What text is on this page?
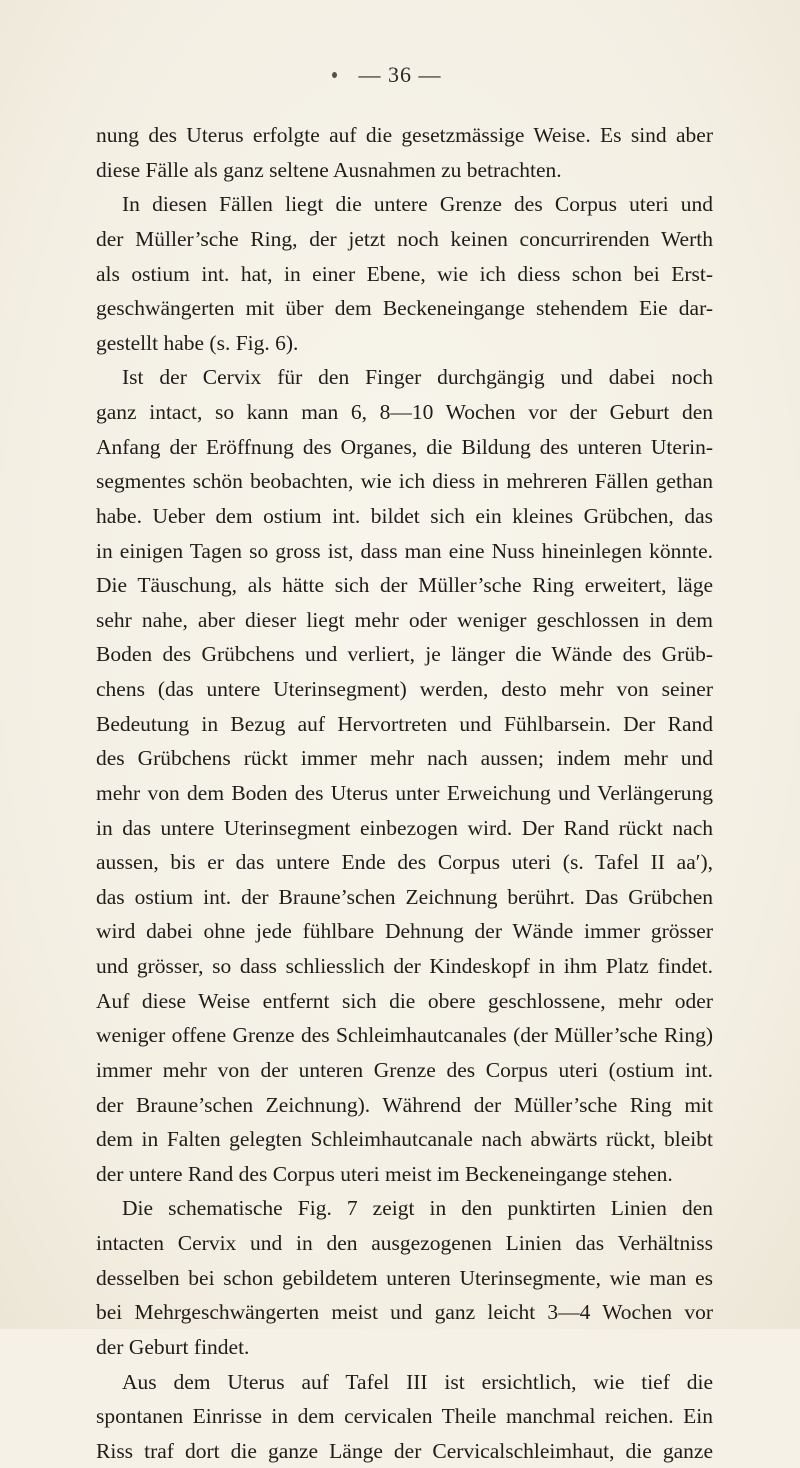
— 36 —
nung des Uterus erfolgte auf die gesetzmässige Weise. Es sind aber
diese Fälle als ganz seltene Ausnahmen zu betrachten.
In diesen Fällen liegt die untere Grenze des Corpus uteri und
der Müller’sche Ring, der jetzt noch keinen concurrirenden Werth
als ostium int. hat, in einer Ebene, wie ich diess schon bei Erst-
geschwängerten mit über dem Beckeneingange stehendem Eie dar-
gestellt habe (s. Fig. 6).
Ist der Cervix für den Finger durchgängig und dabei noch
ganz intact, so kann man 6, 8—10 Wochen vor der Geburt den
Anfang der Eröffnung des Organes, die Bildung des unteren Uterin-
segmentes schön beobachten, wie ich diess in mehreren Fällen gethan
habe. Ueber dem ostium int. bildet sich ein kleines Grübchen, das
in einigen Tagen so gross ist, dass man eine Nuss hineinlegen könnte.
Die Täuschung, als hätte sich der Müller’sche Ring erweitert, läge
sehr nahe, aber dieser liegt mehr oder weniger geschlossen in dem
Boden des Grübchens und verliert, je länger die Wände des Grüb-
chens (das untere Uterinsegment) werden, desto mehr von seiner
Bedeutung in Bezug auf Hervortreten und Fühlbarsein. Der Rand
des Grübchens rückt immer mehr nach aussen; indem mehr und
mehr von dem Boden des Uterus unter Erweichung und Verlängerung
in das untere Uterinsegment einbezogen wird. Der Rand rückt nach
aussen, bis er das untere Ende des Corpus uteri (s. Tafel II aa′),
das ostium int. der Braune’schen Zeichnung berührt. Das Grübchen
wird dabei ohne jede fühlbare Dehnung der Wände immer grösser
und grösser, so dass schliesslich der Kindeskopf in ihm Platz findet.
Auf diese Weise entfernt sich die obere geschlossene, mehr oder
weniger offene Grenze des Schleimhautcanales (der Müller’sche Ring)
immer mehr von der unteren Grenze des Corpus uteri (ostium int.
der Braune’schen Zeichnung). Während der Müller’sche Ring mit
dem in Falten gelegten Schleimhautcanale nach abwärts rückt, bleibt
der untere Rand des Corpus uteri meist im Beckeneingange stehen.
Die schematische Fig. 7 zeigt in den punktirten Linien den
intacten Cervix und in den ausgezogenen Linien das Verhältniss
desselben bei schon gebildetem unteren Uterinsegmente, wie man es
bei Mehrgeschwängerten meist und ganz leicht 3—4 Wochen vor
der Geburt findet.
Aus dem Uterus auf Tafel III ist ersichtlich, wie tief die
spontanen Einrisse in dem cervicalen Theile manchmal reichen. Ein
Riss traf dort die ganze Länge der Cervicalschleimhaut, die ganze
